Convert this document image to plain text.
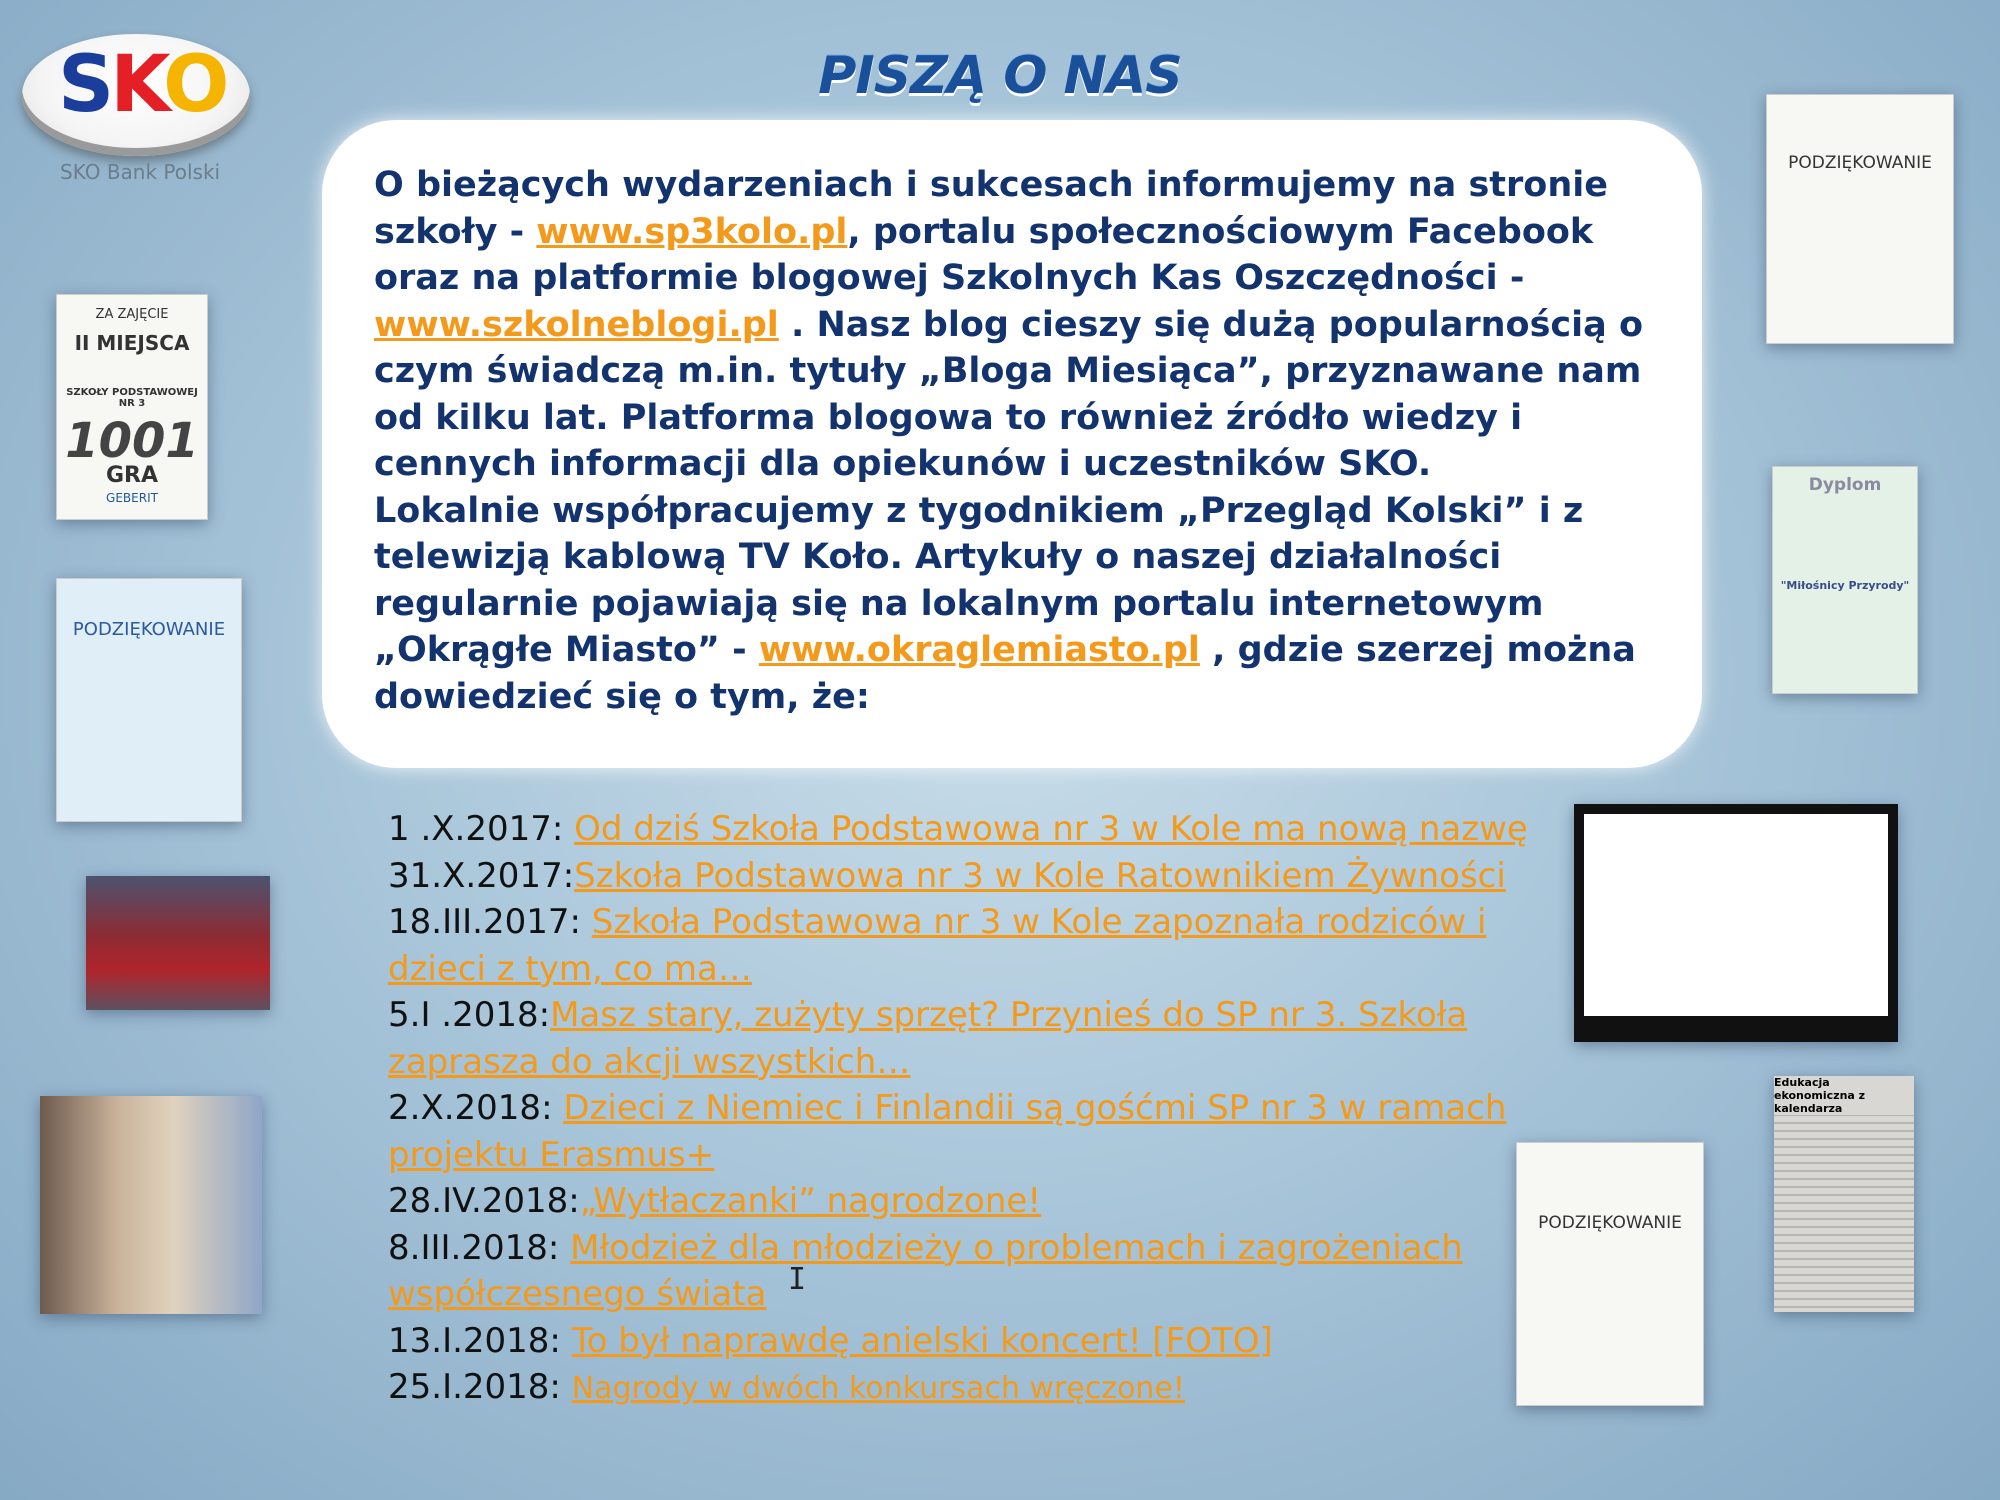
SKO
SKO Bank Polski
PISZĄ O NAS

O bieżących wydarzeniach i sukcesach informujemy na stronie szkoły - www.sp3kolo.pl, portalu społecznościowym Facebook oraz na platformie blogowej Szkolnych Kas Oszczędności - www.szkolneblogi.pl . Nasz blog cieszy się dużą popularnością o czym świadczą m.in. tytuły „Bloga Miesiąca”, przyznawane nam od kilku lat. Platforma blogowa to również źródło wiedzy i cennych informacji dla opiekunów i uczestników SKO.
Lokalnie współpracujemy z tygodnikiem „Przegląd Kolski” i z telewizją kablową TV Koło. Artykuły o naszej działalności regularnie pojawiają się na lokalnym portalu internetowym „Okrągłe Miasto” - www.okraglemiasto.pl , gdzie szerzej można dowiedzieć się o tym, że:

1 .X.2017: Od dziś Szkoła Podstawowa nr 3 w Kole ma nową nazwę

31.X.2017:Szkoła Podstawowa nr 3 w Kole Ratownikiem Żywności

18.III.2017: Szkoła Podstawowa nr 3 w Kole zapoznała rodziców i dzieci z tym, co ma…

5.I .2018:Masz stary, zużyty sprzęt? Przynieś do SP nr 3. Szkoła zaprasza do akcji wszystkich…

2.X.2018: Dzieci z Niemiec i Finlandii są gośćmi SP nr 3 w ramach projektu Erasmus+

28.IV.2018:„Wytłaczanki” nagrodzone!

8.III.2018: Młodzież dla młodzieży o problemach i zagrożeniach współczesnego świata

13.I.2018: To był naprawdę anielski koncert! [FOTO]

25.I.2018: Nagrody w dwóch konkursach wręczone!

I
ZA ZAJĘCIE
II MIEJSCA
SZKOŁY PODSTAWOWEJ NR 3
1001
GRA
GEBERIT
PODZIĘKOWANIE
PODZIĘKOWANIE
Dyplom
"Miłośnicy Przyrody"
Edukacja ekonomiczna z kalendarza
PODZIĘKOWANIE
